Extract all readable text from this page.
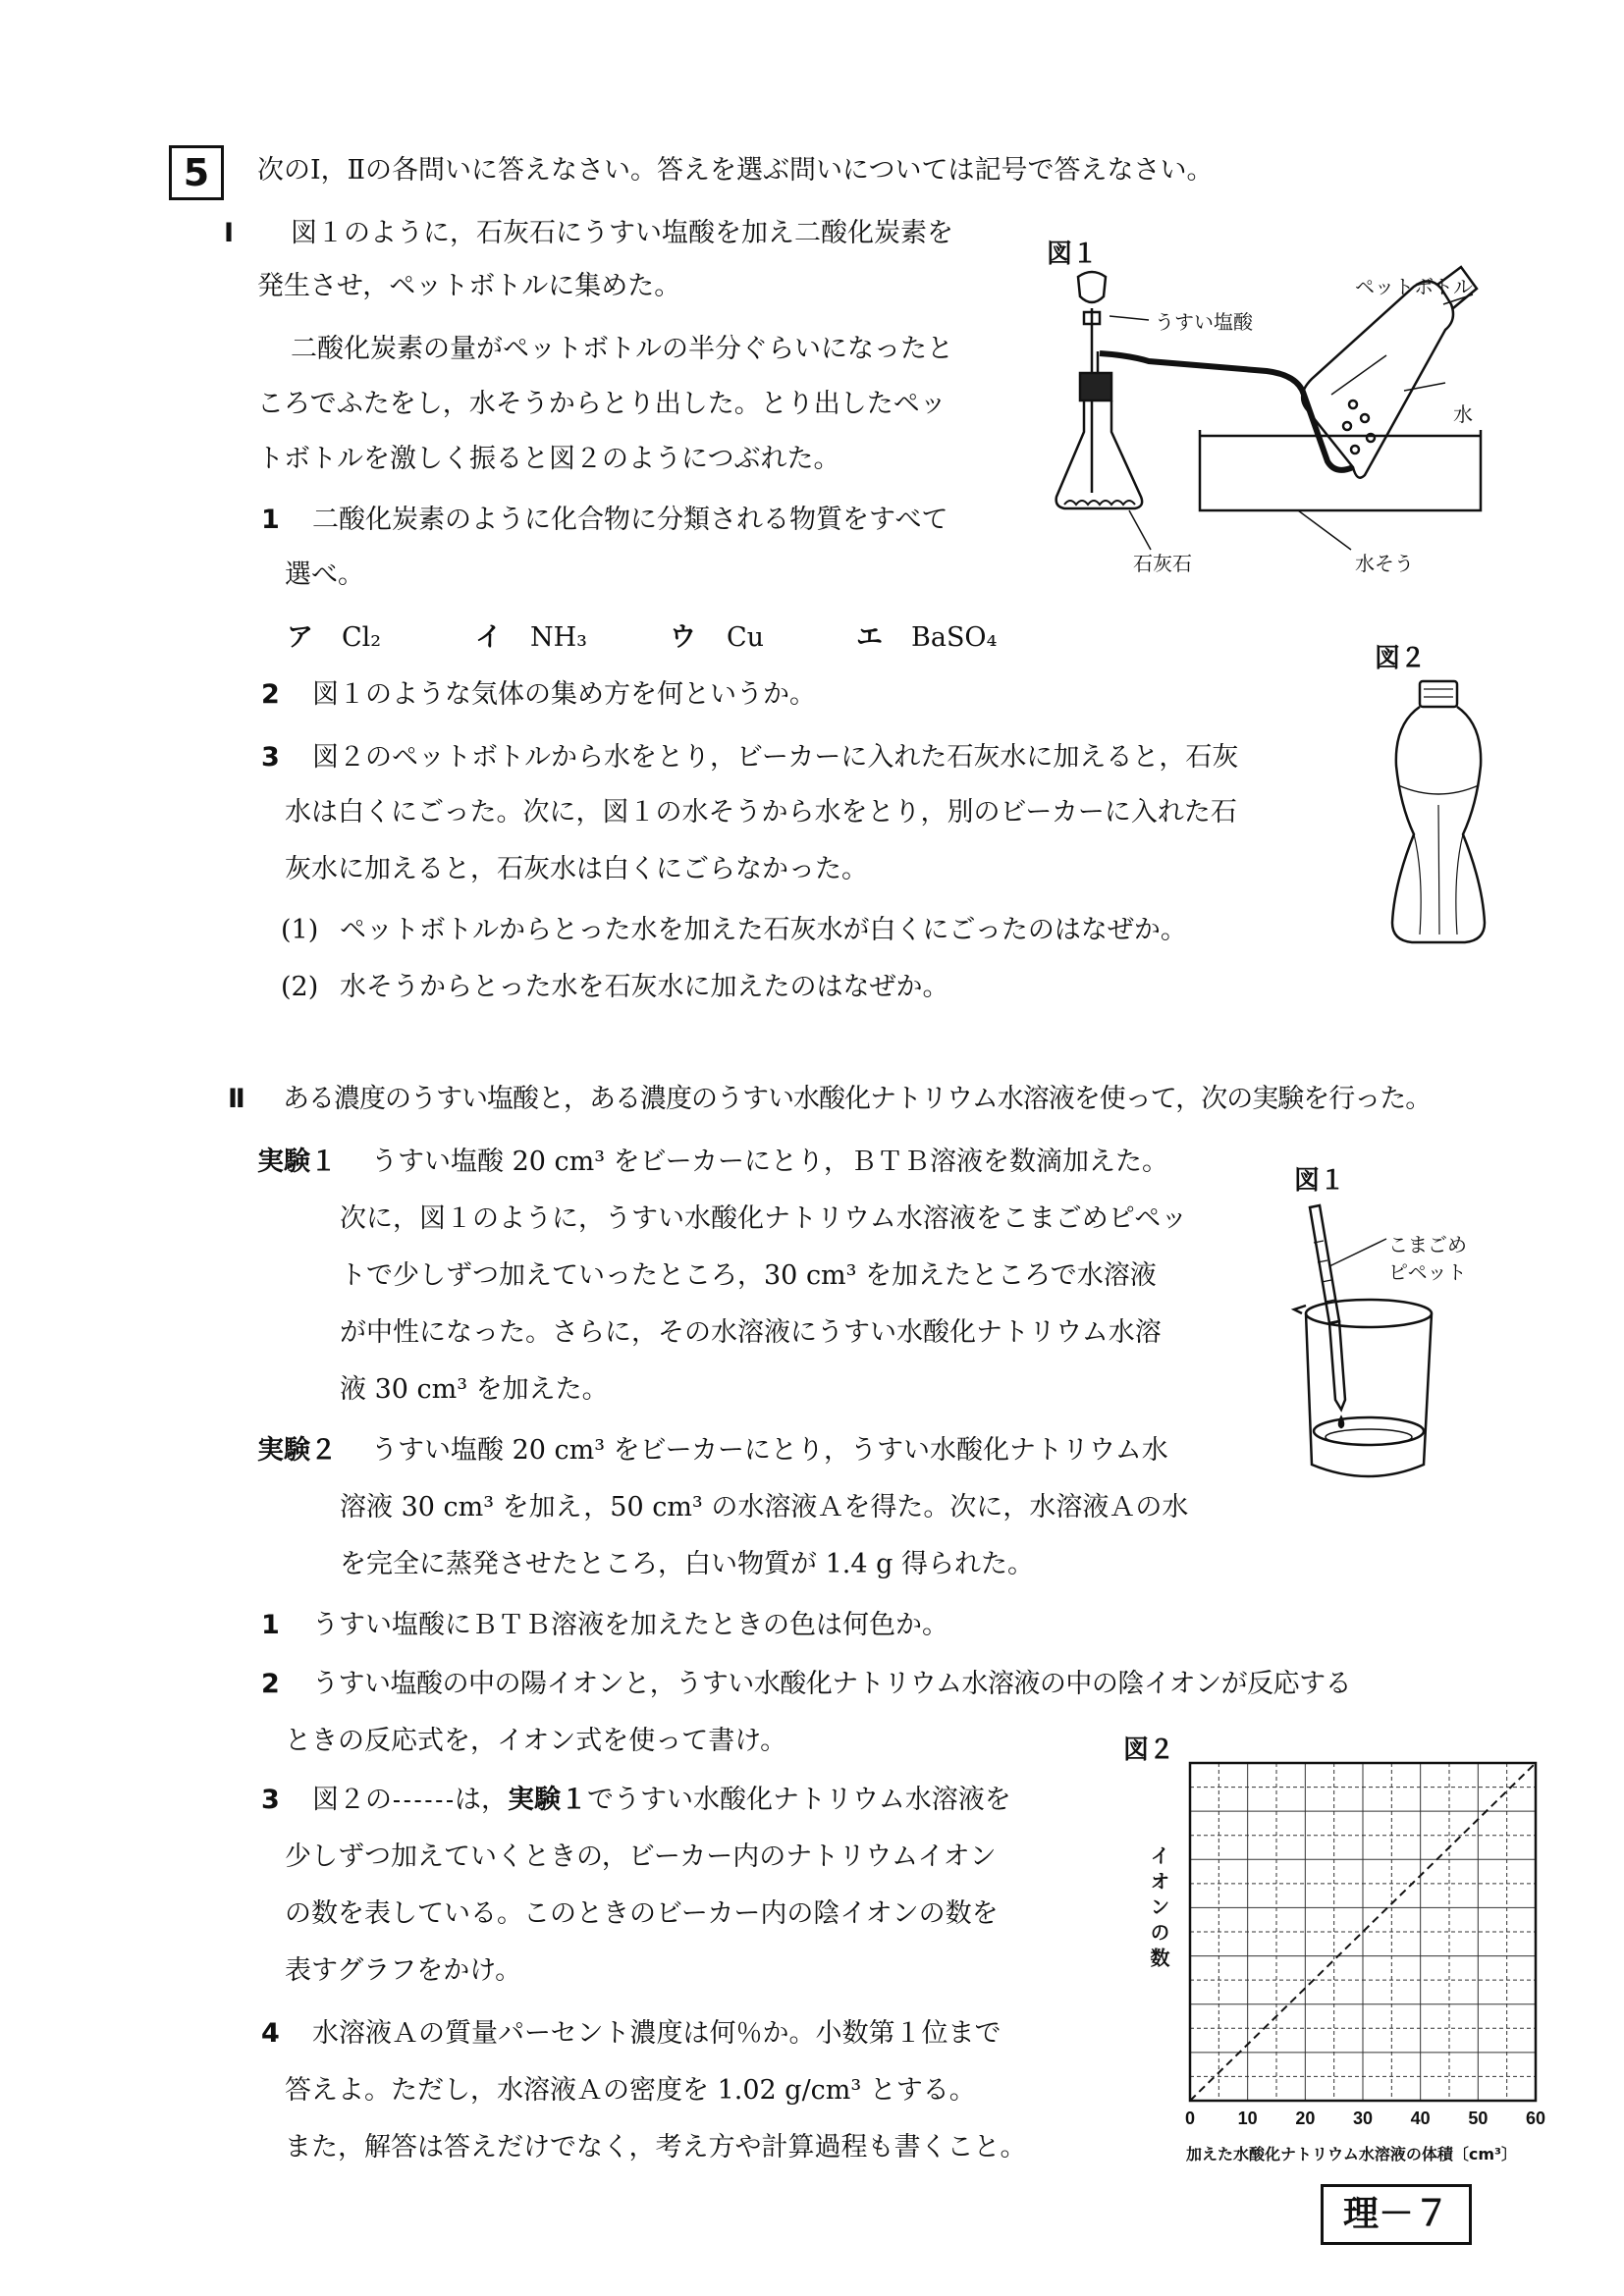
5	次のⅠ，Ⅱの各問いに答えなさい。答えを選ぶ問いについては記号で答えなさい。
Ⅰ 図１のように，石灰石にうすい塩酸を加え二酸化炭素を
発生させ，ペットボトルに集めた。
二酸化炭素の量がペットボトルの半分ぐらいになったと
ころでふたをし，水そうからとり出した。とり出したペッ
トボトルを激しく振ると図２のようにつぶれた。
1 二酸化炭素のように化合物に分類される物質をすべて
選べ。
ア Cl₂	イ NH₃	ウ Cu	エ BaSO₄
2 図１のような気体の集め方を何というか。
3 図２のペットボトルから水をとり，ビーカーに入れた石灰水に加えると，石灰
水は白くにごった。次に，図１の水そうから水をとり，別のビーカーに入れた石
灰水に加えると，石灰水は白くにごらなかった。
(1) ペットボトルからとった水を加えた石灰水が白くにごったのはなぜか。
(2) 水そうからとった水を石灰水に加えたのはなぜか。
図１
うすい塩酸
ペットボトル
水
石灰石	水そう
図２
Ⅱ ある濃度のうすい塩酸と，ある濃度のうすい水酸化ナトリウム水溶液を使って，次の実験を行った。
実験１ うすい塩酸 20 cm³ をビーカーにとり，ＢＴＢ溶液を数滴加えた。
次に，図１のように，うすい水酸化ナトリウム水溶液をこまごめピペッ
トで少しずつ加えていったところ，30 cm³ を加えたところで水溶液
が中性になった。さらに，その水溶液にうすい水酸化ナトリウム水溶
液 30 cm³ を加えた。
実験２ うすい塩酸 20 cm³ をビーカーにとり，うすい水酸化ナトリウム水
溶液 30 cm³ を加え，50 cm³ の水溶液Ａを得た。次に，水溶液Ａの水
を完全に蒸発させたところ，白い物質が 1.4 g 得られた。
1 うすい塩酸にＢＴＢ溶液を加えたときの色は何色か。
2 うすい塩酸の中の陽イオンと，うすい水酸化ナトリウム水溶液の中の陰イオンが反応する
ときの反応式を，イオン式を使って書け。
3 図２の は，実験１でうすい水酸化ナトリウム水溶液を
少しずつ加えていくときの，ビーカー内のナトリウムイオン
の数を表している。このときのビーカー内の陰イオンの数を
表すグラフをかけ。
4 水溶液Ａの質量パーセント濃度は何％か。小数第１位まで
答えよ。ただし，水溶液Ａの密度を 1.02 g/cm³ とする。
また，解答は答えだけでなく，考え方や計算過程も書くこと。
図１
こまごめ
ピペット
図２
イオンの数
0 10 20 30 40 50 60
加えた水酸化ナトリウム水溶液の体積〔cm³〕
理－７
